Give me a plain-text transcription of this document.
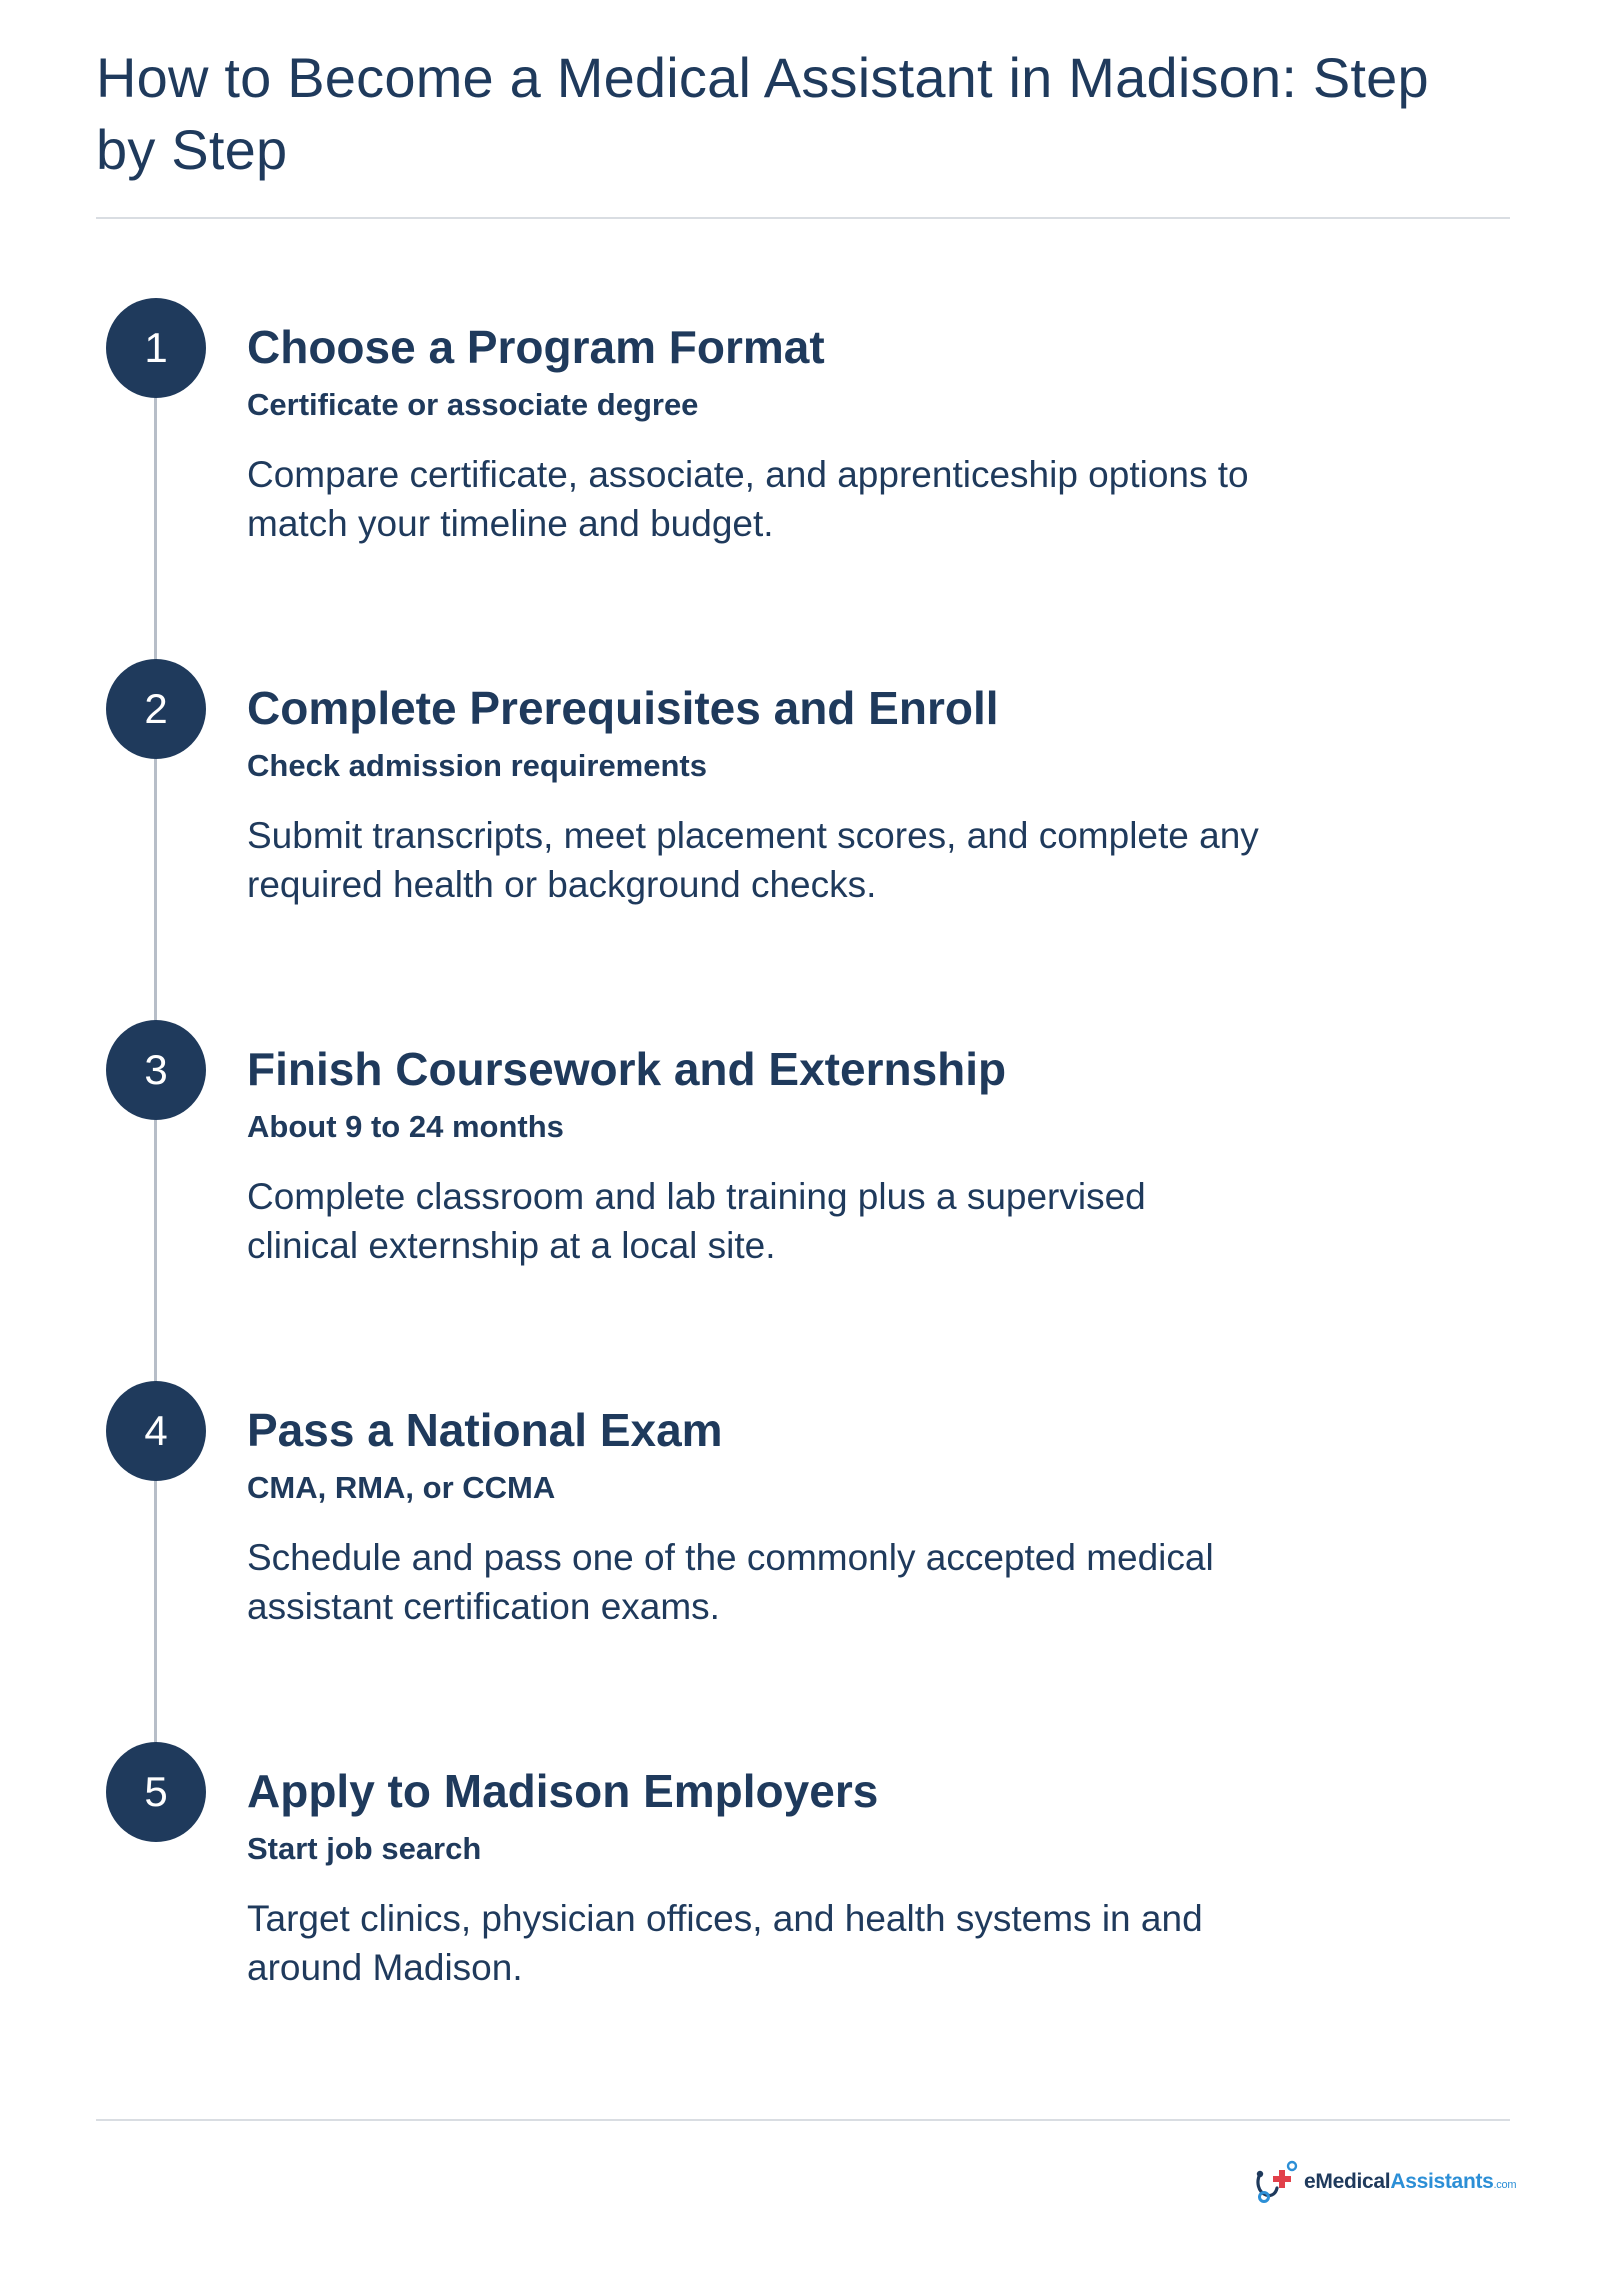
How to Become a Medical Assistant in Madison: Step by Step
1	Choose a Program Format
Certificate or associate degree
Compare certificate, associate, and apprenticeship options to match your timeline and budget.
2	Complete Prerequisites and Enroll
Check admission requirements
Submit transcripts, meet placement scores, and complete any required health or background checks.
3	Finish Coursework and Externship
About 9 to 24 months
Complete classroom and lab training plus a supervised clinical externship at a local site.
4	Pass a National Exam
CMA, RMA, or CCMA
Schedule and pass one of the commonly accepted medical assistant certification exams.
5	Apply to Madison Employers
Start job search
Target clinics, physician offices, and health systems in and around Madison.
eMedicalAssistants.com
